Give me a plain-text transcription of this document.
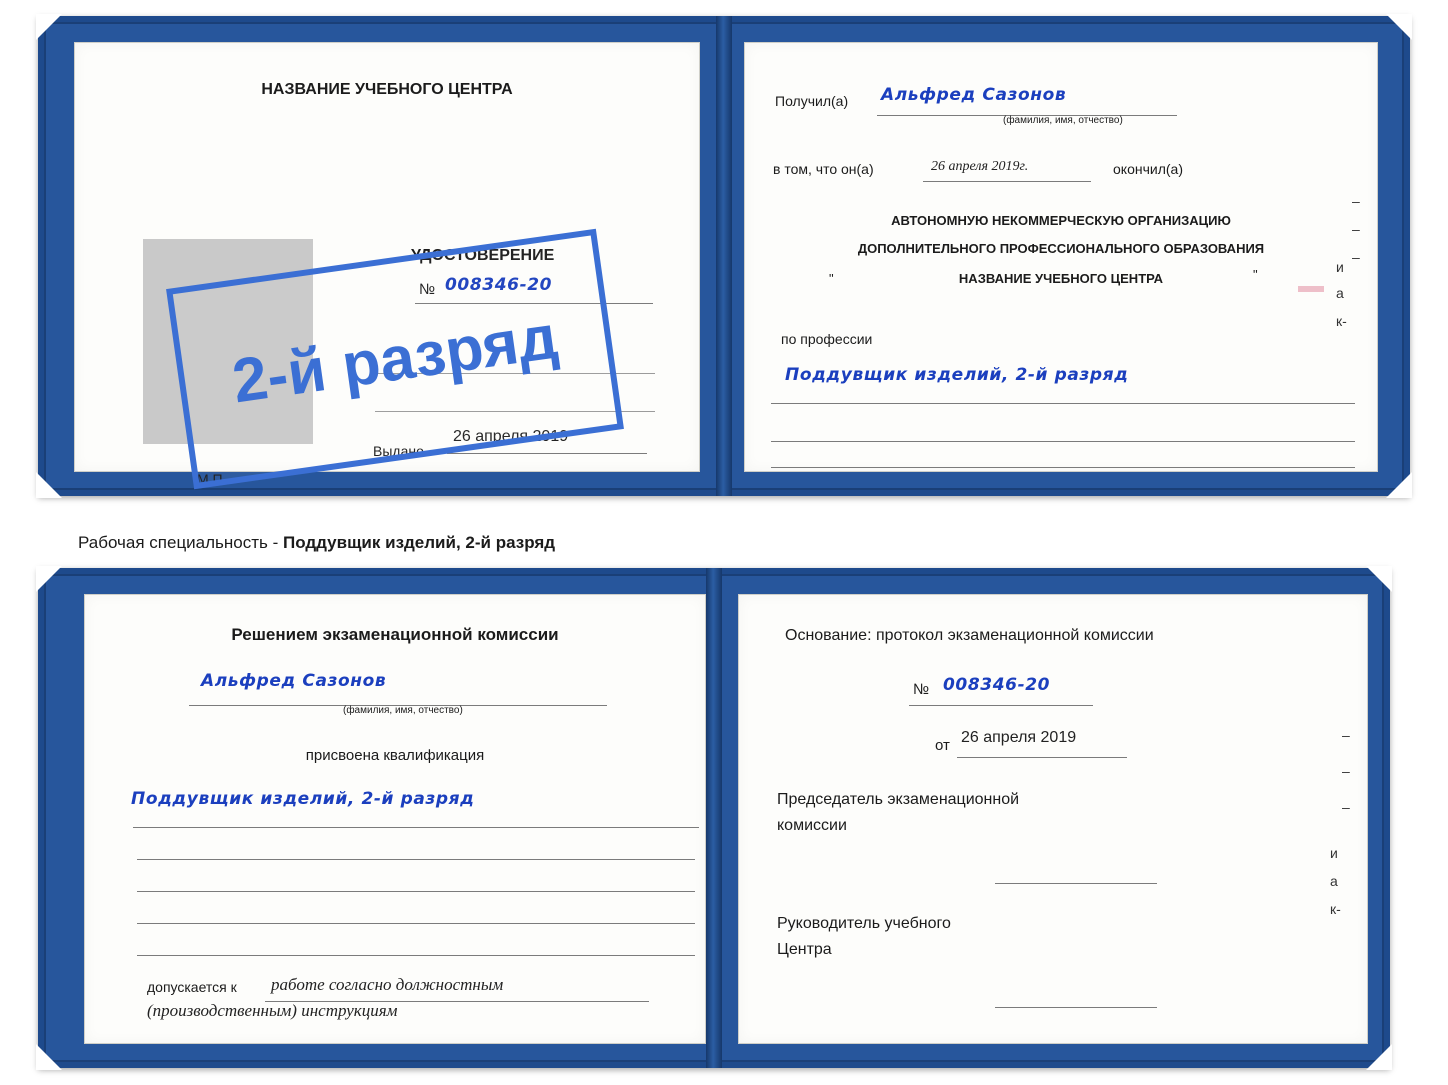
НАЗВАНИЕ УЧЕБНОГО ЦЕНТРА
УДОСТОВЕРЕНИЕ
№ 008346-20
Выдано
26 апреля 2019
М.П.
Получил(а) Альфред Сазонов
(фамилия, имя, отчество)
в том, что он(а)	26 апреля 2019г.	окончил(а)
АВТОНОМНУЮ НЕКОММЕРЧЕСКУЮ ОРГАНИЗАЦИЮ
ДОПОЛНИТЕЛЬНОГО ПРОФЕССИОНАЛЬНОГО ОБРАЗОВАНИЯ
"	НАЗВАНИЕ УЧЕБНОГО ЦЕНТРА	"
по профессии
Поддувщик изделий, 2-й разряд
–
–
–
и
а
к-
2-й разряд
Рабочая специальность - Поддувщик изделий, 2-й разряд
Решением экзаменационной комиссии
Альфред Сазонов
(фамилия, имя, отчество)
присвоена квалификация
Поддувщик изделий, 2-й разряд
допускается к работе согласно должностным
(производственным) инструкциям
Основание: протокол экзаменационной комиссии
№ 008346-20
от 26 апреля 2019
Председатель экзаменационной
комиссии
Руководитель учебного
Центра
–
–
–
и
а
к-
